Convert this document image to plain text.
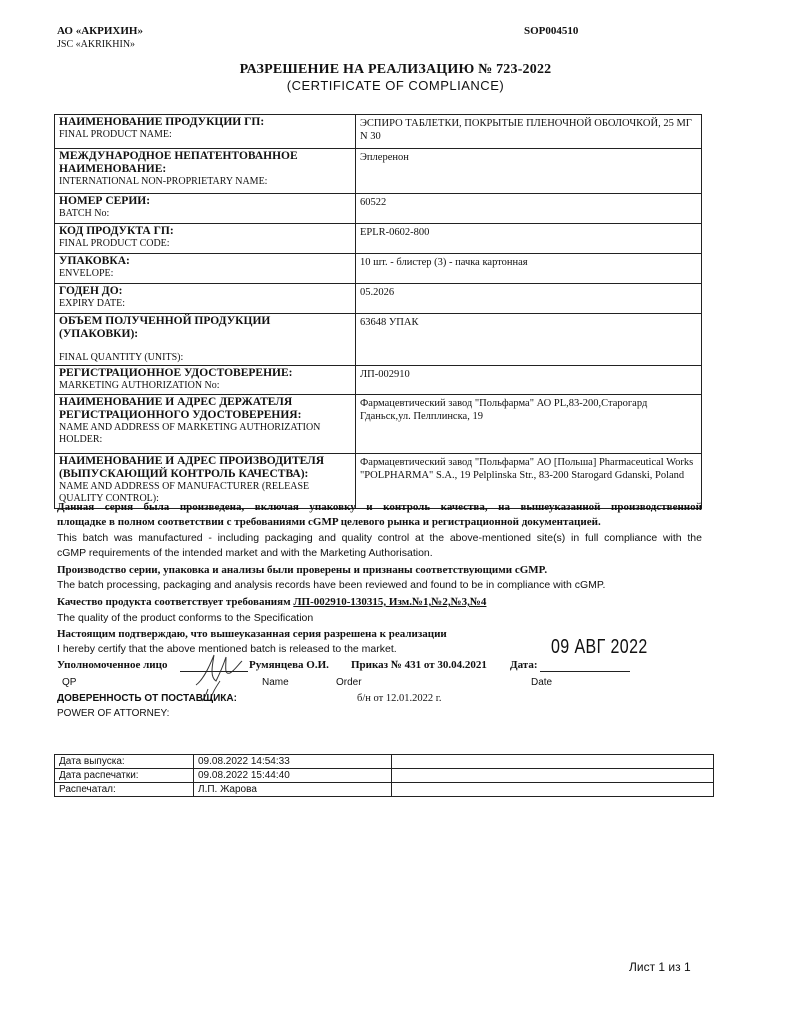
АО «АКРИХИН»
JSC «AKRIKHIN»
SOP004510
РАЗРЕШЕНИЕ НА РЕАЛИЗАЦИЮ № 723-2022
(CERTIFICATE OF COMPLIANCE)
НАИМЕНОВАНИЕ ПРОДУКЦИИ ГП:
FINAL PRODUCT NAME:	ЭСПИРО ТАБЛЕТКИ, ПОКРЫТЫЕ ПЛЕНОЧНОЙ ОБОЛОЧКОЙ, 25 МГ N 30

МЕЖДУНАРОДНОЕ НЕПАТЕНТОВАННОЕ НАИМЕНОВАНИЕ:
INTERNATIONAL NON-PROPRIETARY NAME:	Эплеренон

НОМЕР СЕРИИ:
BATCH No:	60522

КОД ПРОДУКТА ГП:
FINAL PRODUCT CODE:	EPLR-0602-800

УПАКОВКА:
ENVELOPE:	10 шт. - блистер (3) - пачка картонная

ГОДЕН ДО:
EXPIRY DATE:	05.2026

ОБЪЕМ ПОЛУЧЕННОЙ ПРОДУКЦИИ (УПАКОВКИ):
FINAL QUANTITY (UNITS):	63648 УПАК

РЕГИСТРАЦИОННОЕ УДОСТОВЕРЕНИЕ:
MARKETING AUTHORIZATION No:	ЛП-002910

НАИМЕНОВАНИЕ И АДРЕС ДЕРЖАТЕЛЯ РЕГИСТРАЦИОННОГО УДОСТОВЕРЕНИЯ:
NAME AND ADDRESS OF MARKETING AUTHORIZATION HOLDER:	Фармацевтический завод "Польфарма" АО PL,83-200,Старогард Гданьск,ул. Пелплинска, 19

НАИМЕНОВАНИЕ И АДРЕС ПРОИЗВОДИТЕЛЯ (ВЫПУСКАЮЩИЙ КОНТРОЛЬ КАЧЕСТВА):
NAME AND ADDRESS OF MANUFACTURER (RELEASE QUALITY CONTROL):	Фармацевтический завод "Польфарма" АО [Польша] Pharmaceutical Works "POLPHARMA" S.A., 19 Pelplinska Str., 83-200 Starogard Gdanski, Poland
Данная серия была произведена, включая упаковку и контроль качества, на вышеуказанной производственной
площадке в полном соответствии с требованиями cGMP целевого рынка и регистрационной документацией.
This batch was manufactured - including packaging and quality control at the above-mentioned site(s) in full compliance with the
cGMP requirements of the intended market and with the Marketing Authorisation.
Производство серии, упаковка и анализы были проверены и признаны соответствующими cGMP.
The batch processing, packaging and analysis records have been reviewed and found to be in compliance with cGMP.
Качество продукта соответствует требованиям ЛП-002910-130315, Изм.№1,№2,№3,№4
The quality of the product conforms to the Specification
Настоящим подтверждаю, что вышеуказанная серия разрешена к реализации
I hereby certify that the above mentioned batch is released to the market.	09 АВГ 2022
Уполномоченное лицо	Румянцева О.И. Приказ № 431 от 30.04.2021 Дата:
QP	Name	Order	Date
ДОВЕРЕННОСТЬ ОТ ПОСТАВЩИКА:	б/н от 12.01.2022 г.
POWER OF ATTORNEY:
Дата выпуска:	09.08.2022 14:54:33	
Дата распечатки:	09.08.2022 15:44:40	
Распечатал:	Л.П. Жарова	
Лист 1 из 1
